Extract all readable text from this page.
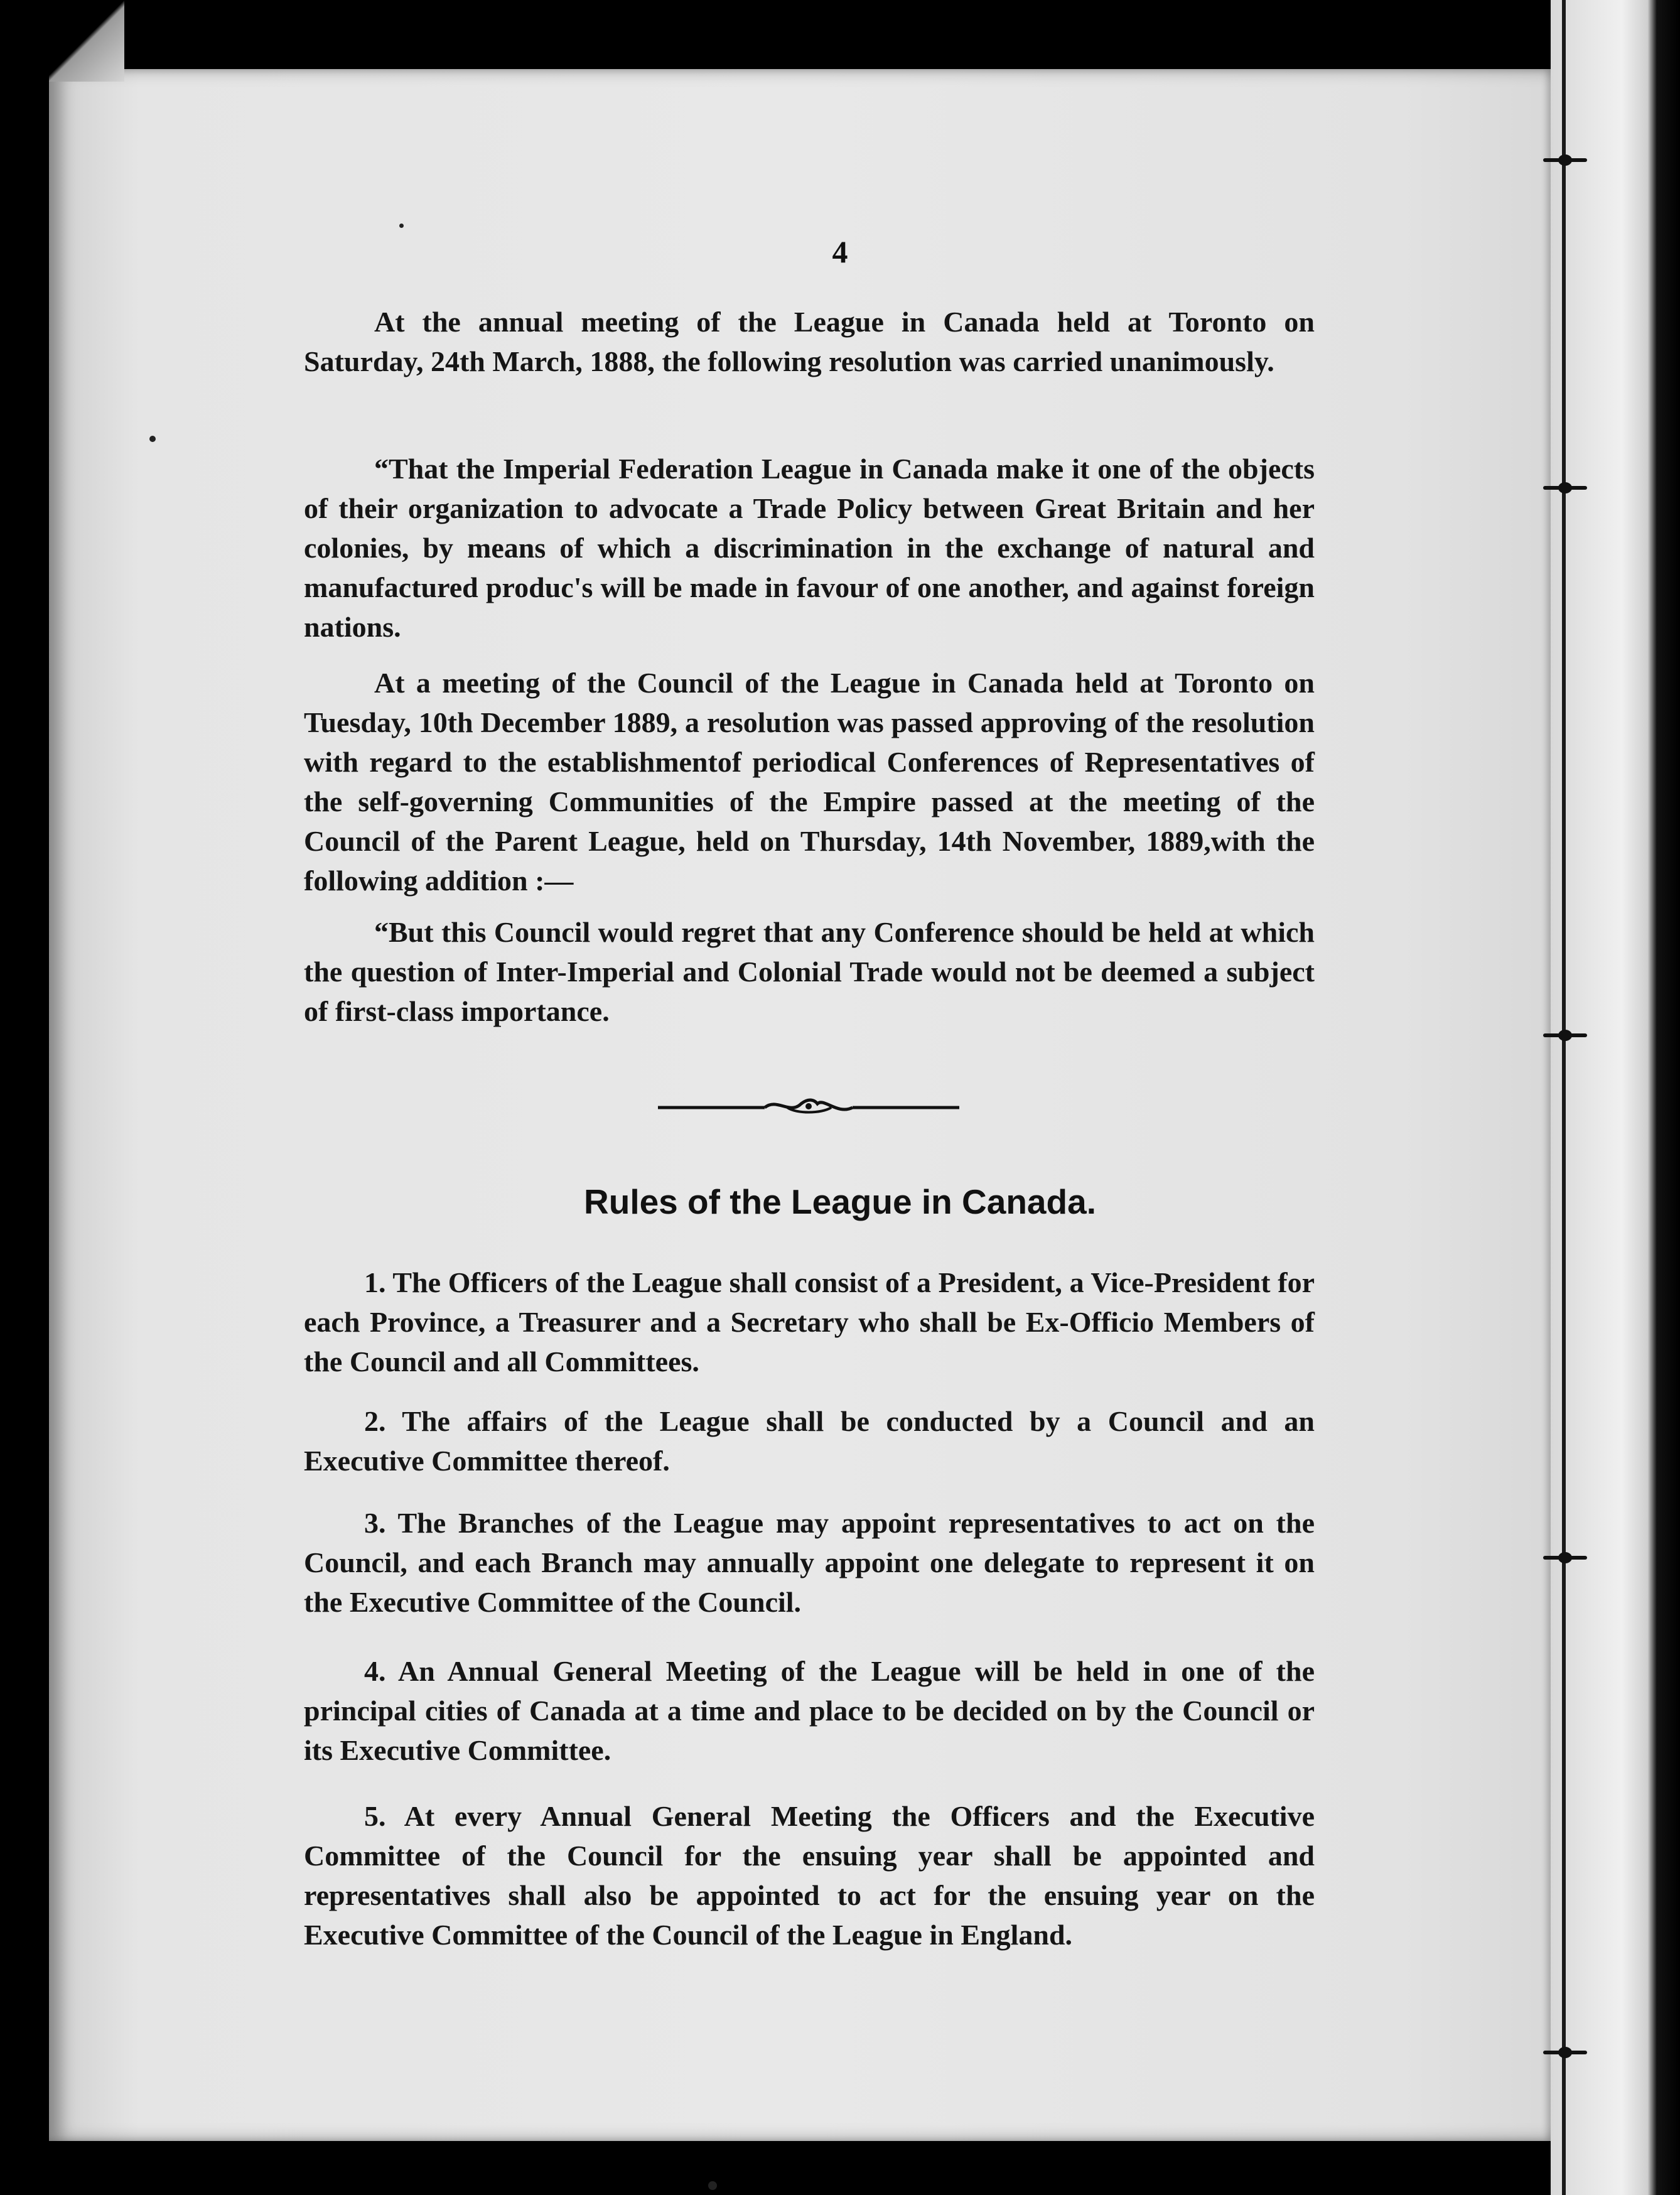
4

At the annual meeting of the League in Canada held at Toronto on Saturday, 24th March, 1888, the following resolution was carried unanimously.

“That the Imperial Federation League in Canada make it one of the objects of their organization to advocate a Trade Policy between Great Britain and her colonies, by means of which a discrimination in the exchange of natural and manufactured produc's will be made in favour of one another, and against foreign nations.

At a meeting of the Council of the League in Canada held at Toronto on Tuesday, 10th December 1889, a resolution was passed approving of the resolution with regard to the establishmentof periodical Conferences of Representatives of the self-governing Communities of the Empire passed at the meeting of the Council of the Parent League, held on Thursday, 14th November, 1889,with the following addition :—

“But this Council would regret that any Conference should be held at which the question of Inter-Imperial and Colonial Trade would not be deemed a subject of first-class importance.

Rules of the League in Canada.

1. The Officers of the League shall consist of a President, a Vice-President for each Province, a Treasurer and a Secretary who shall be Ex-Officio Members of the Council and all Committees.

2. The affairs of the League shall be conducted by a Council and an Executive Committee thereof.

3. The Branches of the League may appoint representatives to act on the Council, and each Branch may annually appoint one delegate to represent it on the Executive Committee of the Council.

4. An Annual General Meeting of the League will be held in one of the principal cities of Canada at a time and place to be decided on by the Council or its Executive Committee.

5. At every Annual General Meeting the Officers and the Executive Committee of the Council for the ensuing year shall be appointed and representatives shall also be appointed to act for the ensuing year on the Executive Committee of the Council of the League in England.
